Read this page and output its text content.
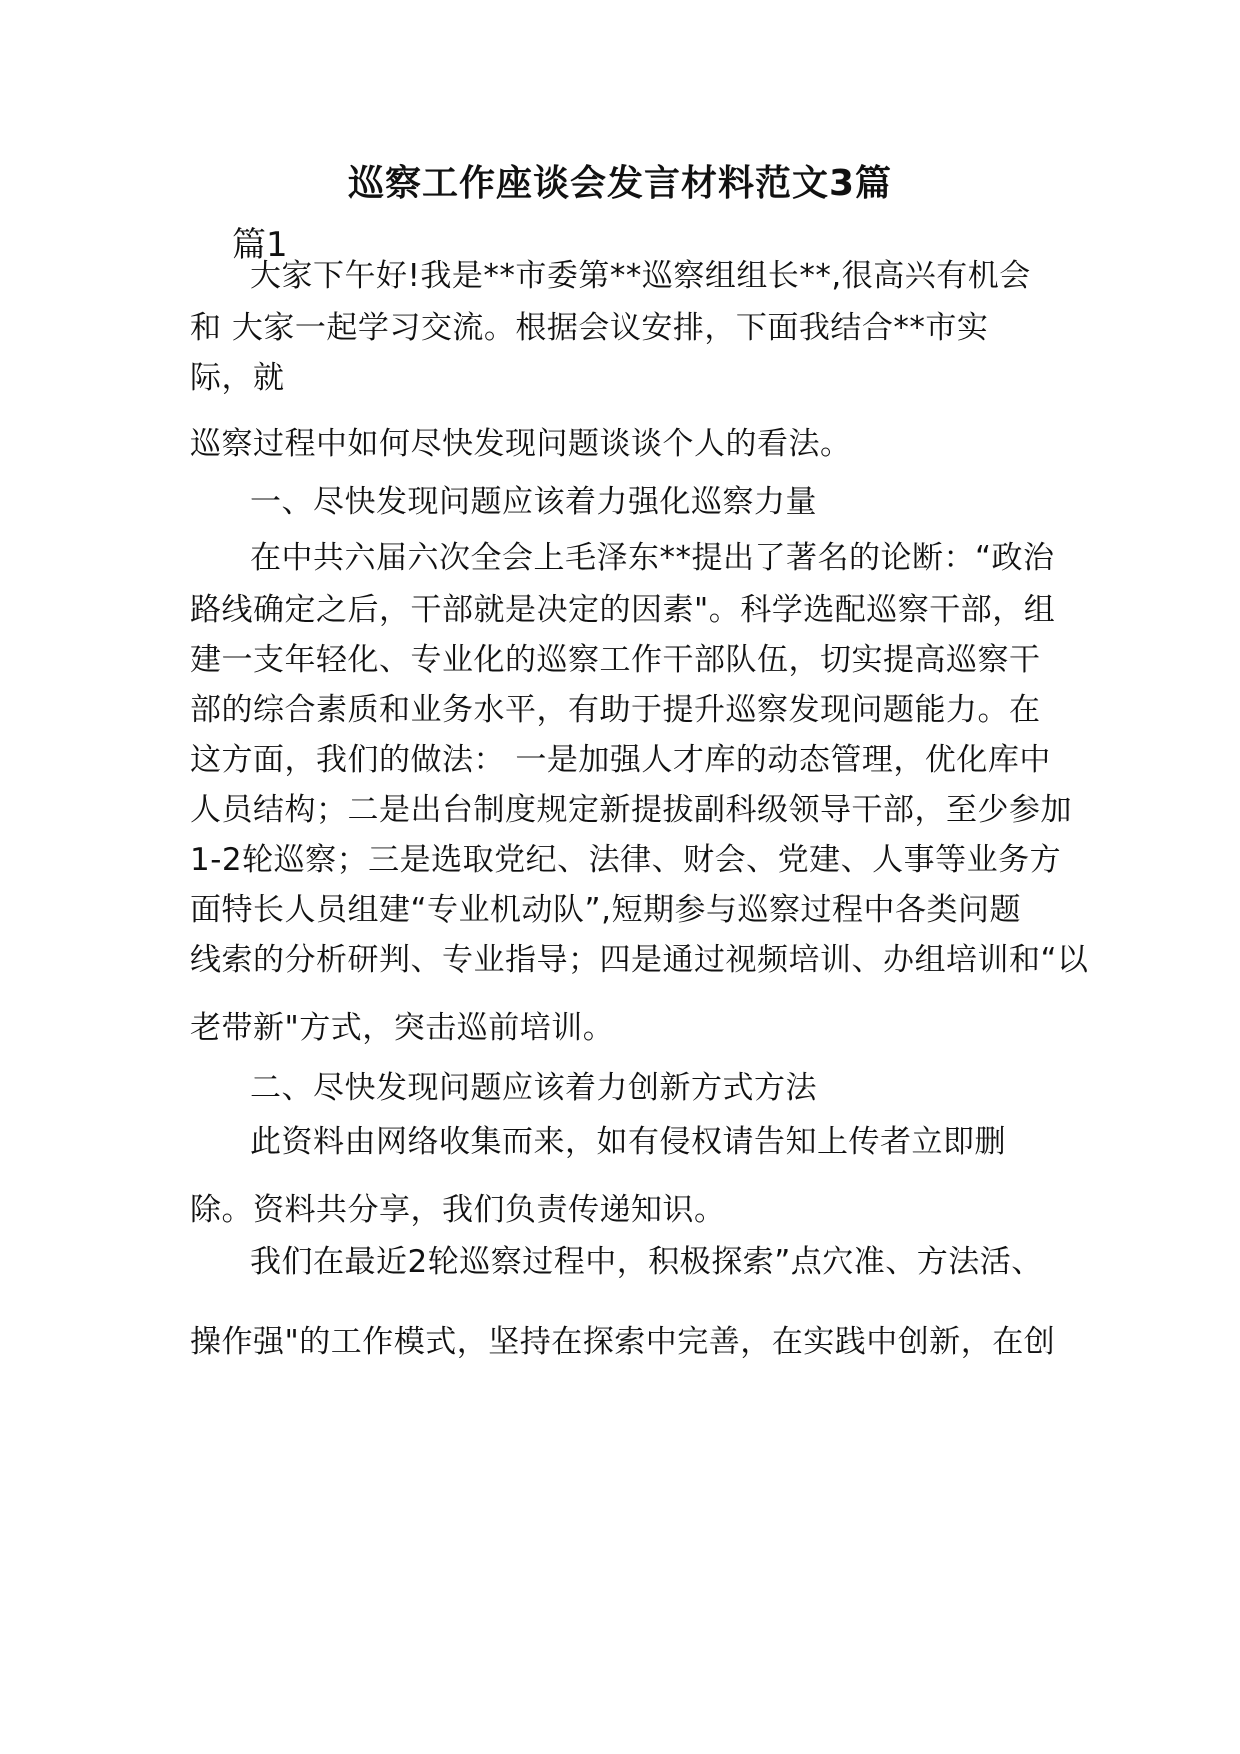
巡察工作座谈会发言材料范文3篇
篇1
大家下午好!我是**市委第**巡察组组长**,很高兴有机会
和 大家一起学习交流。根据会议安排，下面我结合**市实
际，就
巡察过程中如何尽快发现问题谈谈个人的看法。
一、尽快发现问题应该着力强化巡察力量
在中共六届六次全会上毛泽东**提出了著名的论断：“政治
路线确定之后，干部就是决定的因素"。科学选配巡察干部，组
建一支年轻化、专业化的巡察工作干部队伍，切实提高巡察干
部的综合素质和业务水平，有助于提升巡察发现问题能力。在
这方面，我们的做法： 一是加强人才库的动态管理，优化库中
人员结构；二是出台制度规定新提拔副科级领导干部，至少参加
1-2轮巡察；三是选取党纪、法律、财会、党建、人事等业务方
面特长人员组建“专业机动队”,短期参与巡察过程中各类问题
线索的分析研判、专业指导；四是通过视频培训、办组培训和“以
老带新"方式，突击巡前培训。
二、尽快发现问题应该着力创新方式方法
此资料由网络收集而来，如有侵权请告知上传者立即删
除。资料共分享，我们负责传递知识。
我们在最近2轮巡察过程中，积极探索”点穴准、方法活、
操作强"的工作模式，坚持在探索中完善，在实践中创新，在创
